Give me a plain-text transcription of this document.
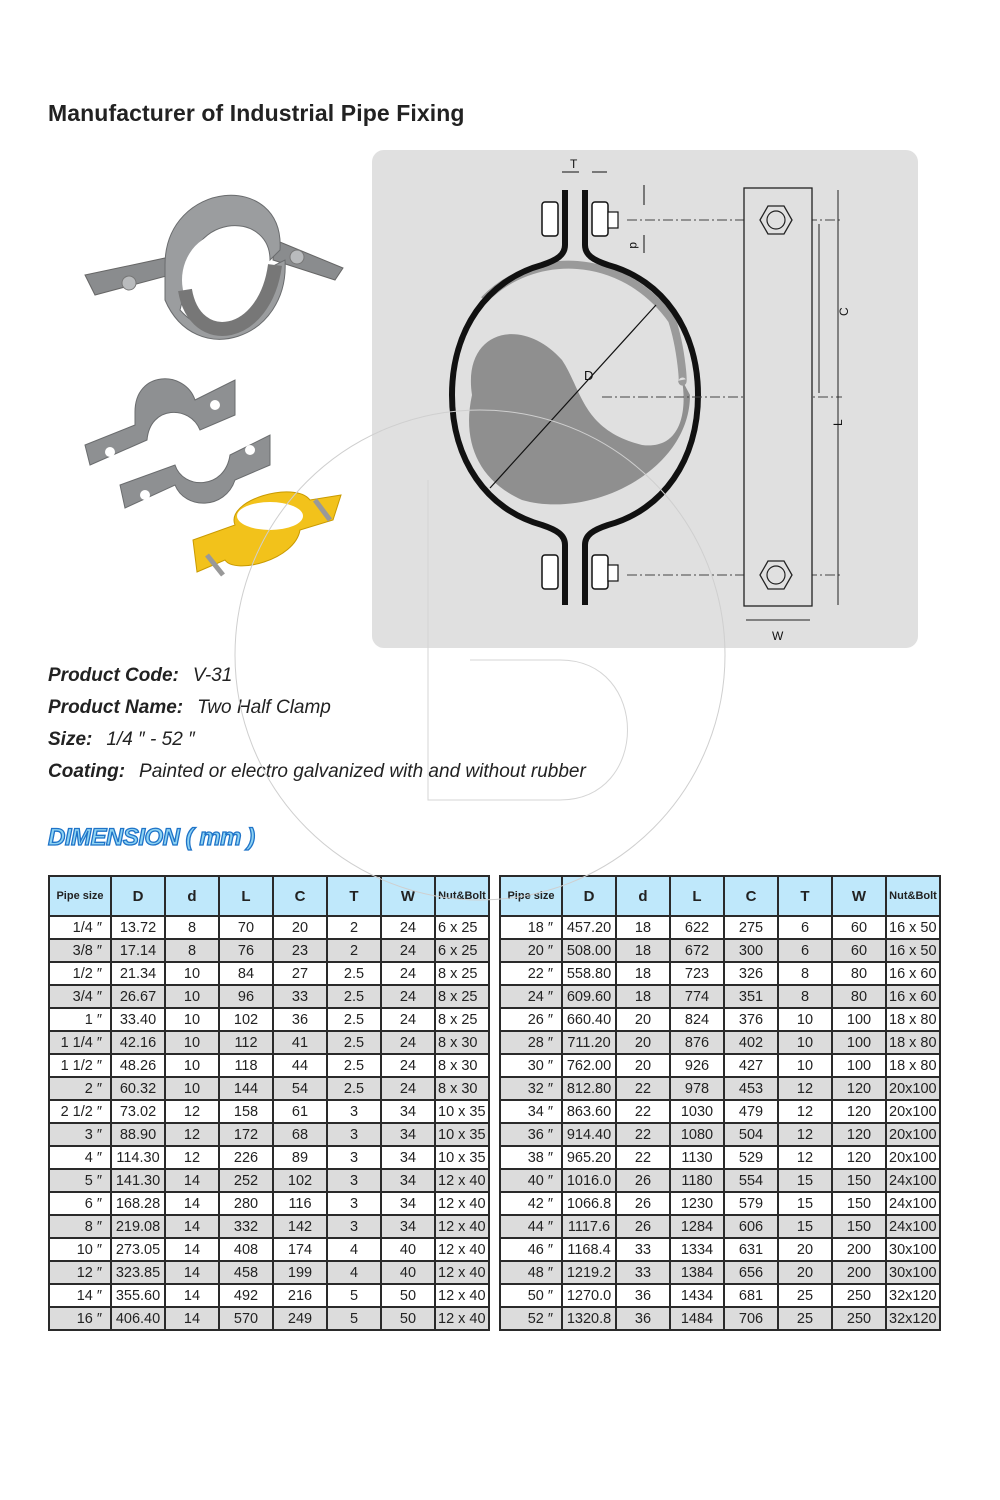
Manufacturer of Industrial Pipe Fixing
D
T
d
C
L
W
Product Code: V-31
Product Name: Two Half Clamp
Size: 1/4 ″ - 52 ″
Coating: Painted or electro galvanized with and without rubber
DIMENSION ( mm )
Pipe size	D	d	L	C	T	W	Nut&Bolt
1/4 ″	13.72	8	70	20	2	24	6 x 25
3/8 ″	17.14	8	76	23	2	24	6 x 25
1/2 ″	21.34	10	84	27	2.5	24	8 x 25
3/4 ″	26.67	10	96	33	2.5	24	8 x 25
1 ″	33.40	10	102	36	2.5	24	8 x 25
1 1/4 ″	42.16	10	112	41	2.5	24	8 x 30
1 1/2 ″	48.26	10	118	44	2.5	24	8 x 30
2 ″	60.32	10	144	54	2.5	24	8 x 30
2 1/2 ″	73.02	12	158	61	3	34	10 x 35
3 ″	88.90	12	172	68	3	34	10 x 35
4 ″	114.30	12	226	89	3	34	10 x 35
5 ″	141.30	14	252	102	3	34	12 x 40
6 ″	168.28	14	280	116	3	34	12 x 40
8 ″	219.08	14	332	142	3	34	12 x 40
10 ″	273.05	14	408	174	4	40	12 x 40
12 ″	323.85	14	458	199	4	40	12 x 40
14 ″	355.60	14	492	216	5	50	12 x 40
16 ″	406.40	14	570	249	5	50	12 x 40
Pipe size	D	d	L	C	T	W	Nut&Bolt
18 ″	457.20	18	622	275	6	60	16 x 50
20 ″	508.00	18	672	300	6	60	16 x 50
22 ″	558.80	18	723	326	8	80	16 x 60
24 ″	609.60	18	774	351	8	80	16 x 60
26 ″	660.40	20	824	376	10	100	18 x 80
28 ″	711.20	20	876	402	10	100	18 x 80
30 ″	762.00	20	926	427	10	100	18 x 80
32 ″	812.80	22	978	453	12	120	20x100
34 ″	863.60	22	1030	479	12	120	20x100
36 ″	914.40	22	1080	504	12	120	20x100
38 ″	965.20	22	1130	529	12	120	20x100
40 ″	1016.0	26	1180	554	15	150	24x100
42 ″	1066.8	26	1230	579	15	150	24x100
44 ″	1117.6	26	1284	606	15	150	24x100
46 ″	1168.4	33	1334	631	20	200	30x100
48 ″	1219.2	33	1384	656	20	200	30x100
50 ″	1270.0	36	1434	681	25	250	32x120
52 ″	1320.8	36	1484	706	25	250	32x120
